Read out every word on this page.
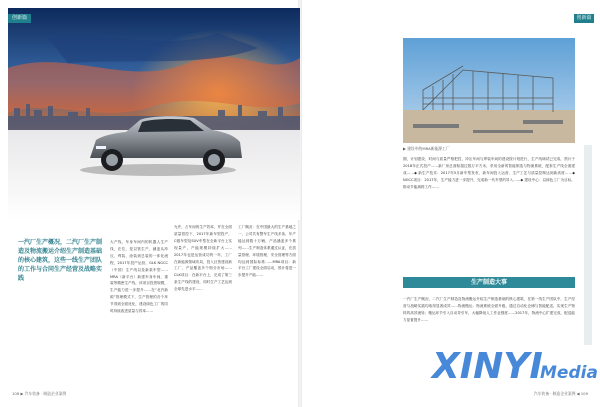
创新篇	创新篇
一汽厂生产概况，二汽厂生产制造及物流搬运介绍生产制造基础的核心建筑，这些一线生产团队的工作与合同生产经营及战略实践
大产线，车身车间内的机器人生产线，在位，是以管生产，涵盖从冲压、焊装、涂装到总装的一体化流程，2017年投产运营，GLK NGCC（中国）生产线以及新款车型……MRA（新平台）新建车身车间，重装等精密生产线，该项目投资规模，生产能力进一步提升……在“北汽新源”管理模式下，生产管理的各个环节得到全面优化，建设绿色工厂的同时持续改进质量与效率……
允许，占车间的生产效率，并在全面质量管控下，2017年新车型投产，C级车型及SUV车型在全新平台上实现量产，产能规模持续扩大……2017年也是运营成功的一年，工厂在新能源领域布局，投入巨资建设新工厂，产品覆盖多个细分市场……CLK项目：在新平台上，完成了第三条生产线的建设，同时生产工艺达到全球先进水平……
工厂概况：在中国最大的生产基地之一，公司共有整车生产线多条，年产能达到数十万辆，产品涵盖多个系列……生产制造体系通过认证，在质量管理、环境管理、安全管理等方面均达到国际标准……MRA项目：新平台工厂建设全面启动，预计将进一步提升产能……
▶ 建设中的MRA新能源工厂
期，计划建设、时间与质量严格把控，冲压车间与焊装车间的建设按计划进行，生产线调试已完成，预计于2018年正式投产……新厂房总面积超过数万平方米，采用全新的智能制造与物流系统，配套生产线全面建成……◆ 新生产技术：2017年5月新车型发布，新车间投入运营，生产工艺与质量控制达到新高度……◆ NGCC项目：2017年，生产能力进一步提升，完成新一代车型的导入……◆ 建设中心：以绿色工厂为目标，推动节能减排工作……
生产制造大事
一汽厂生产概况，二汽厂生产制造及物流搬运介绍生产制造基础的核心建筑，在第一线生产团队中，生产经营与战略实践均取得显著成效……物流搬运：物流系统全面升级，通过自动化仓储与智能配送，实现生产物料的高效流转；搬运环节引入自动导引车，大幅降低人工作业强度……2017年，物流中心扩建完成，配送能力显著提升……
108 ▶ 汽车装备 · 制造企业案例	汽车装备 · 制造企业案例 ◀ 109
XINYI
Media
